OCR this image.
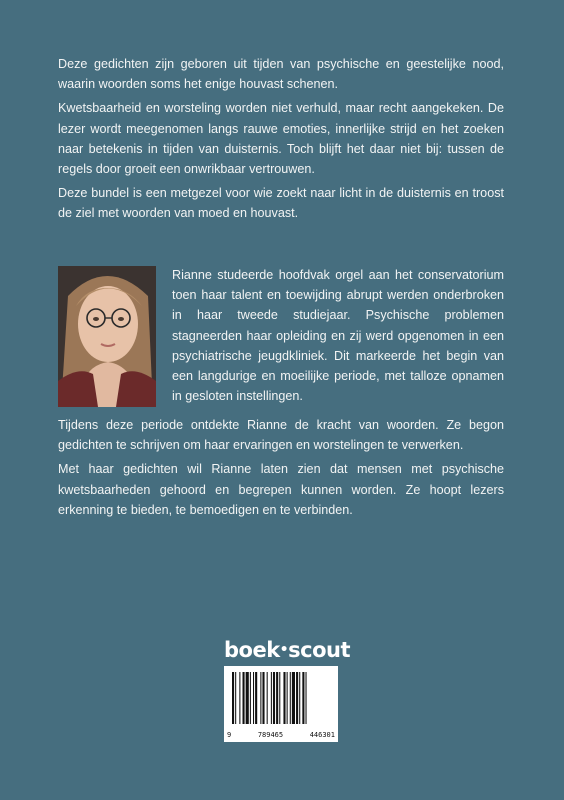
Deze gedichten zijn geboren uit tijden van psychische en geestelijke nood, waarin woorden soms het enige houvast schenen.

Kwetsbaarheid en worsteling worden niet verhuld, maar recht aangekeken. De lezer wordt meegenomen langs rauwe emoties, innerlijke strijd en het zoeken naar betekenis in tijden van duisternis. Toch blijft het daar niet bij: tussen de regels door groeit een onwrikbaar vertrouwen.

Deze bundel is een metgezel voor wie zoekt naar licht in de duisternis en troost de ziel met woorden van moed en houvast.

Rianne studeerde hoofdvak orgel aan het conservatorium toen haar talent en toewijding abrupt werden onderbroken in haar tweede studiejaar. Psychische problemen stagneerden haar opleiding en zij werd opgenomen in een psychiatrische jeugdkliniek. Dit markeerde het begin van een langdurige en moeilijke periode, met talloze opnamen in gesloten instellingen.

Tijdens deze periode ontdekte Rianne de kracht van woorden. Ze begon gedichten te schrijven om haar ervaringen en worstelingen te verwerken.

Met haar gedichten wil Rianne laten zien dat mensen met psychische kwetsbaarheden gehoord en begrepen kunnen worden. Ze hoopt lezers erkenning te bieden, te bemoedigen en te verbinden.

boek•scout
9	789465	446301
